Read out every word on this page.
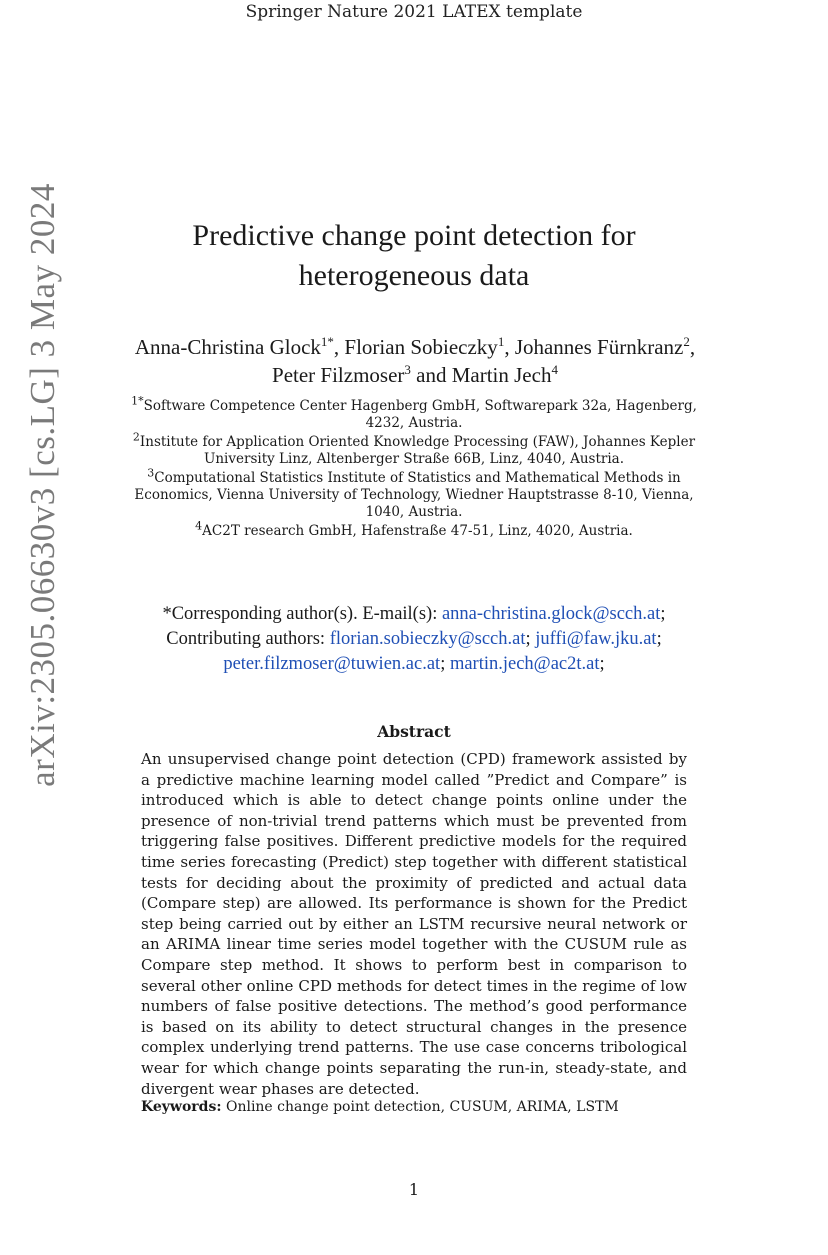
Springer Nature 2021 LATEX template
arXiv:2305.06630v3 [cs.LG] 3 May 2024	Predictive change point detection for heterogeneous data
Anna-Christina Glock$^{1*}$, Florian Sobieczky$^1$, Johannes Fürnkranz$^2$, Peter Filzmoser$^3$ and Martin Jech$^4$
$^{1*}$Software Competence Center Hagenberg GmbH, Softwarepark 32a, Hagenberg, 4232, Austria.
$^2$Institute for Application Oriented Knowledge Processing (FAW), Johannes Kepler University Linz, Altenberger Straße 66B, Linz, 4040, Austria.
$^3$Computational Statistics Institute of Statistics and Mathematical Methods in Economics, Vienna University of Technology, Wiedner Hauptstrasse 8-10, Vienna, 1040, Austria.
$^4$AC2T research GmbH, Hafenstraße 47-51, Linz, 4020, Austria.
*Corresponding author(s). E-mail(s): anna-christina.glock@scch.at;
Contributing authors: florian.sobieczky@scch.at; juffi@faw.jku.at;
peter.filzmoser@tuwien.ac.at; martin.jech@ac2t.at;
Abstract
An unsupervised change point detection (CPD) framework assisted by a predictive machine learning model called ”Predict and Compare” is introduced which is able to detect change points online under the presence of non-trivial trend patterns which must be prevented from triggering false positives. Different predictive models for the required time series forecasting (Predict) step together with different statistical tests for deciding about the proximity of predicted and actual data (Compare step) are allowed. Its performance is shown for the Predict step being carried out by either an LSTM recursive neural network or an ARIMA linear time series model together with the CUSUM rule as Compare step method. It shows to perform best in comparison to several other online CPD methods for detect times in the regime of low numbers of false positive detections. The method’s good performance is based on its ability to detect structural changes in the presence complex underlying trend patterns. The use case concerns tribological wear for which change points separating the run-in, steady-state, and divergent wear phases are detected.
Keywords: Online change point detection, CUSUM, ARIMA, LSTM
1
